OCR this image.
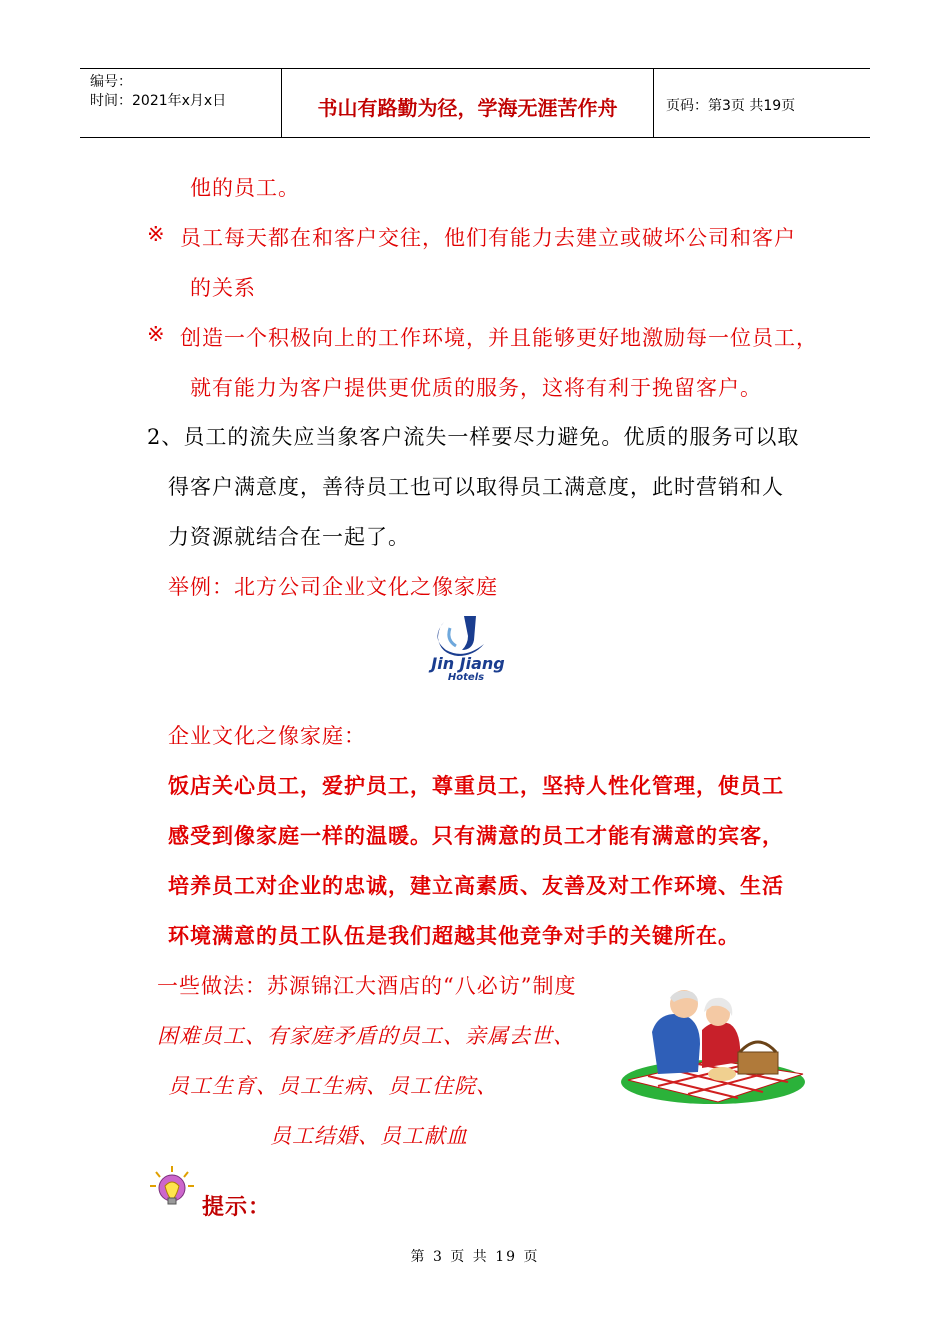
编号：
时间：2021年x月x日	书山有路勤为径，学海无涯苦作舟	页码：第3页 共19页
他的员工。
※ 员工每天都在和客户交往，他们有能力去建立或破坏公司和客户
的关系
※ 创造一个积极向上的工作环境，并且能够更好地激励每一位员工，
就有能力为客户提供更优质的服务，这将有利于挽留客户。
2、员工的流失应当象客户流失一样要尽力避免。优质的服务可以取
得客户满意度，善待员工也可以取得员工满意度，此时营销和人
力资源就结合在一起了。
举例：北方公司企业文化之像家庭
Jin Jiang
Hotels
企业文化之像家庭：
饭店关心员工，爱护员工，尊重员工，坚持人性化管理，使员工
感受到像家庭一样的温暖。只有满意的员工才能有满意的宾客，
培养员工对企业的忠诚，建立高素质、友善及对工作环境、生活
环境满意的员工队伍是我们超越其他竞争对手的关键所在。
一些做法：苏源锦江大酒店的“八必访”制度
困难员工、有家庭矛盾的员工、亲属去世、
员工生育、员工生病、员工住院、
员工结婚、员工献血
提示：
第 3 页 共 19 页
